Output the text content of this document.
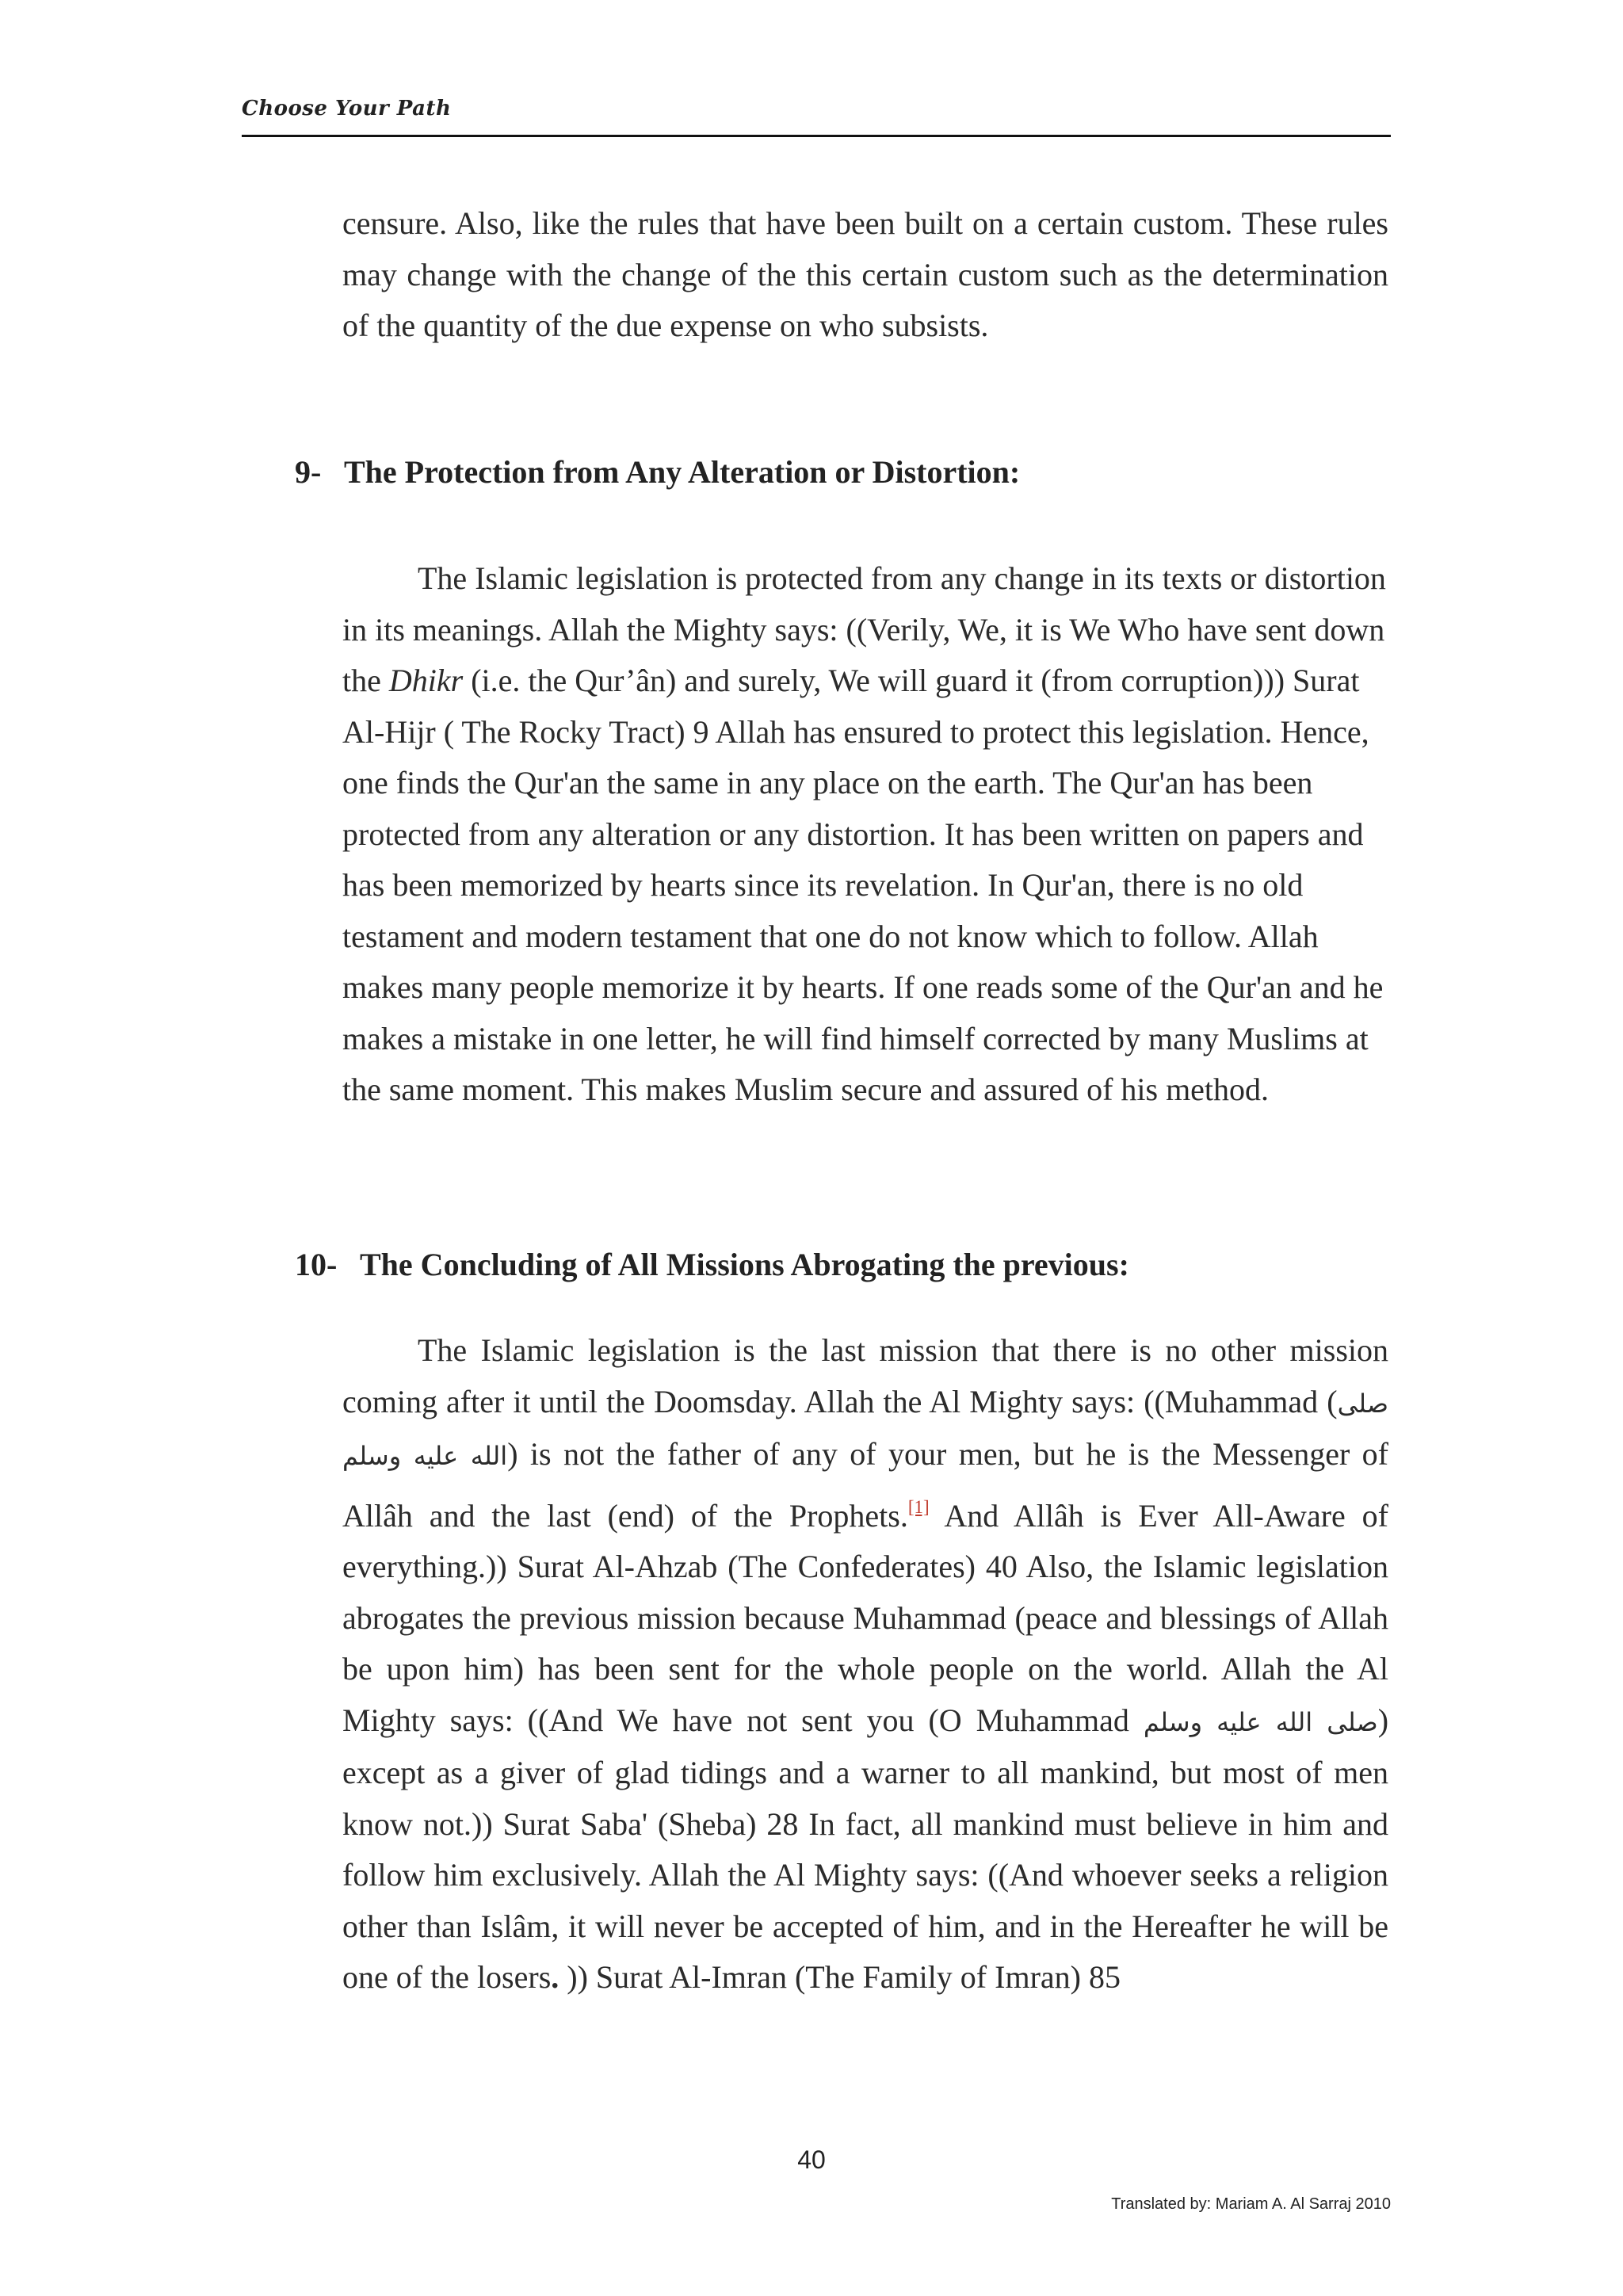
Choose Your Path

censure. Also, like the rules that have been built on a certain custom. These rules may change with the change of the this certain custom such as the determination of the quantity of the due expense on who subsists.

9- The Protection from Any Alteration or Distortion:

The Islamic legislation is protected from any change in its texts or distortion in its meanings. Allah the Mighty says: ((Verily, We, it is We Who have sent down the Dhikr (i.e. the Qur’ân) and surely, We will guard it (from corruption))) Surat Al-Hijr ( The Rocky Tract) 9 Allah has ensured to protect this legislation. Hence, one finds the Qur'an the same in any place on the earth. The Qur'an has been protected from any alteration or any distortion. It has been written on papers and has been memorized by hearts since its revelation. In Qur'an, there is no old testament and modern testament that one do not know which to follow. Allah makes many people memorize it by hearts. If one reads some of the Qur'an and he makes a mistake in one letter, he will find himself corrected by many Muslims at the same moment. This makes Muslim secure and assured of his method.

10- The Concluding of All Missions Abrogating the previous:

The Islamic legislation is the last mission that there is no other mission coming after it until the Doomsday. Allah the Al Mighty says: ((Muhammad (صلى الله عليه وسلم) is not the father of any of your men, but he is the Messenger of Allâh and the last (end) of the Prophets.[1] And Allâh is Ever All-Aware of everything.)) Surat Al-Ahzab (The Confederates) 40 Also, the Islamic legislation abrogates the previous mission because Muhammad (peace and blessings of Allah be upon him) has been sent for the whole people on the world. Allah the Al Mighty says: ((And We have not sent you (O Muhammad صلى الله عليه وسلم) except as a giver of glad tidings and a warner to all mankind, but most of men know not.)) Surat Saba' (Sheba) 28 In fact, all mankind must believe in him and follow him exclusively. Allah the Al Mighty says: ((And whoever seeks a religion other than Islâm, it will never be accepted of him, and in the Hereafter he will be one of the losers. )) Surat Al-Imran (The Family of Imran) 85

40
Translated by: Mariam A. Al Sarraj 2010
